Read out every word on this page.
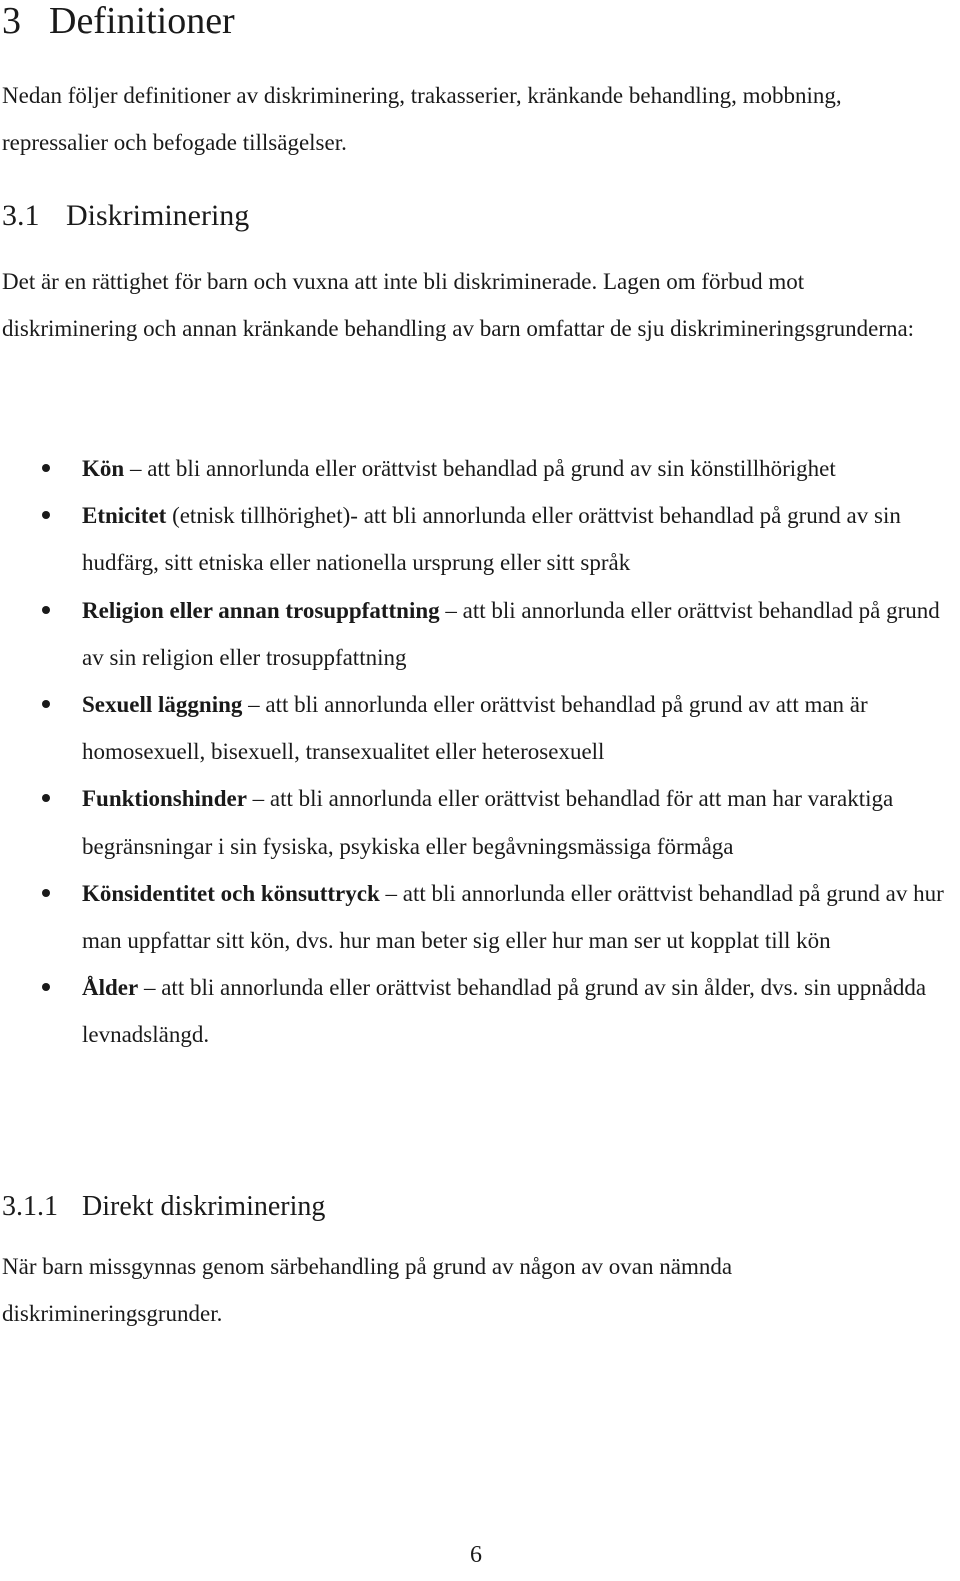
3 Definitioner

Nedan följer definitioner av diskriminering, trakasserier, kränkande behandling, mobbning, repressalier och befogade tillsägelser.

3.1 Diskriminering

Det är en rättighet för barn och vuxna att inte bli diskriminerade. Lagen om förbud mot diskriminering och annan kränkande behandling av barn omfattar de sju diskrimineringsgrunderna:

Kön – att bli annorlunda eller orättvist behandlad på grund av sin könstillhörighet
Etnicitet (etnisk tillhörighet)- att bli annorlunda eller orättvist behandlad på grund av sin hudfärg, sitt etniska eller nationella ursprung eller sitt språk
Religion eller annan trosuppfattning – att bli annorlunda eller orättvist behandlad på grund av sin religion eller trosuppfattning
Sexuell läggning – att bli annorlunda eller orättvist behandlad på grund av att man är homosexuell, bisexuell, transexualitet eller heterosexuell
Funktionshinder – att bli annorlunda eller orättvist behandlad för att man har varaktiga begränsningar i sin fysiska, psykiska eller begåvningsmässiga förmåga
Könsidentitet och könsuttryck – att bli annorlunda eller orättvist behandlad på grund av hur man uppfattar sitt kön, dvs. hur man beter sig eller hur man ser ut kopplat till kön
Ålder – att bli annorlunda eller orättvist behandlad på grund av sin ålder, dvs. sin uppnådda levnadslängd.
3.1.1 Direkt diskriminering

När barn missgynnas genom särbehandling på grund av någon av ovan nämnda diskrimineringsgrunder.

6
